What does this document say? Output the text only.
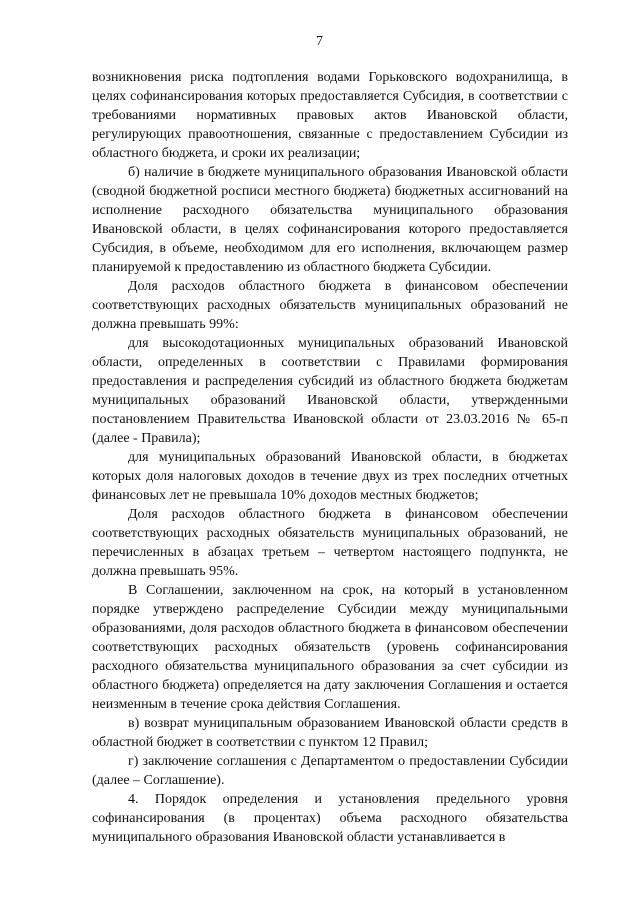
7

возникновения риска подтопления водами Горьковского водохранилища, в целях софинансирования которых предоставляется Субсидия, в соответствии с требованиями нормативных правовых актов Ивановской области, регулирующих правоотношения, связанные с предоставлением Субсидии из областного бюджета, и сроки их реализации;

б) наличие в бюджете муниципального образования Ивановской области (сводной бюджетной росписи местного бюджета) бюджетных ассигнований на исполнение расходного обязательства муниципального образования Ивановской области, в целях софинансирования которого предоставляется Субсидия, в объеме, необходимом для его исполнения, включающем размер планируемой к предоставлению из областного бюджета Субсидии.

Доля расходов областного бюджета в финансовом обеспечении соответствующих расходных обязательств муниципальных образований не должна превышать 99%:

для высокодотационных муниципальных образований Ивановской области, определенных в соответствии с Правилами формирования предоставления и распределения субсидий из областного бюджета бюджетам муниципальных образований Ивановской области, утвержденными постановлением Правительства Ивановской области от 23.03.2016 № 65-п (далее - Правила);

для муниципальных образований Ивановской области, в бюджетах которых доля налоговых доходов в течение двух из трех последних отчетных финансовых лет не превышала 10% доходов местных бюджетов;

Доля расходов областного бюджета в финансовом обеспечении соответствующих расходных обязательств муниципальных образований, не перечисленных в абзацах третьем – четвертом настоящего подпункта, не должна превышать 95%.

В Соглашении, заключенном на срок, на который в установленном порядке утверждено распределение Субсидии между муниципальными образованиями, доля расходов областного бюджета в финансовом обеспечении соответствующих расходных обязательств (уровень софинансирования расходного обязательства муниципального образования за счет субсидии из областного бюджета) определяется на дату заключения Соглашения и остается неизменным в течение срока действия Соглашения.

в) возврат муниципальным образованием Ивановской области средств в областной бюджет в соответствии с пунктом 12 Правил;

г) заключение соглашения с Департаментом о предоставлении Субсидии (далее – Соглашение).

4. Порядок определения и установления предельного уровня софинансирования (в процентах) объема расходного обязательства муниципального образования Ивановской области устанавливается в
